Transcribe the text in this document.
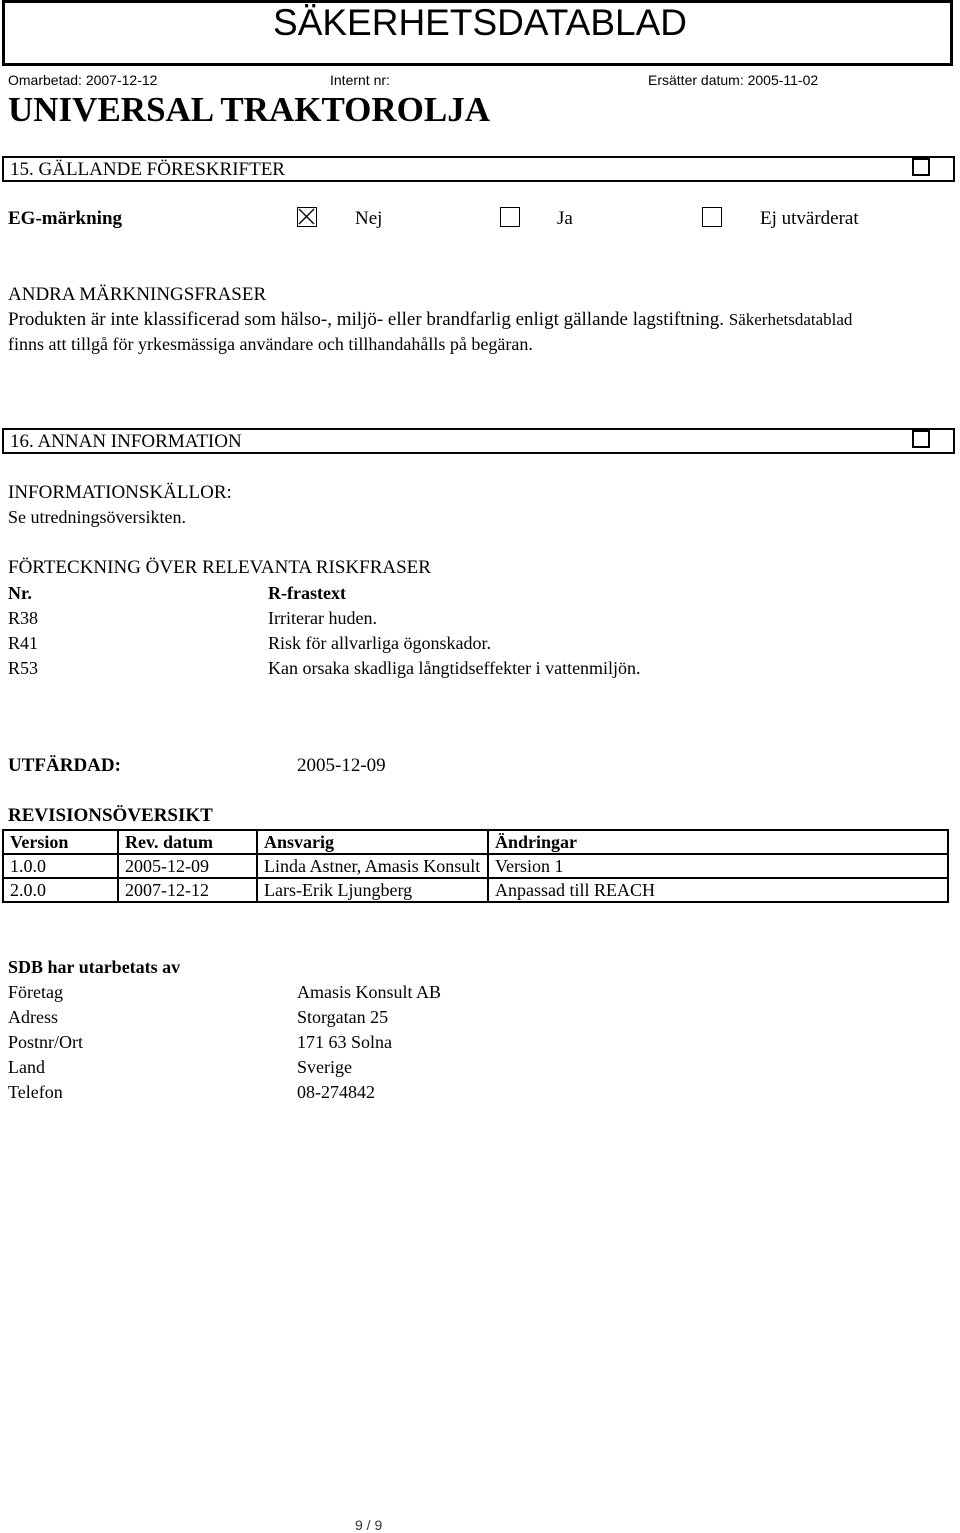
SÄKERHETSDATABLAD
Omarbetad: 2007-12-12	Internt nr:	Ersätter datum: 2005-11-02
UNIVERSAL TRAKTOROLJA
15. GÄLLANDE FÖRESKRIFTER
EG-märkning	Nej	Ja	Ej utvärderat
ANDRA MÄRKNINGSFRASER
Produkten är inte klassificerad som hälso-, miljö- eller brandfarlig enligt gällande lagstiftning. Säkerhetsdatablad
finns att tillgå för yrkesmässiga användare och tillhandahålls på begäran.
16. ANNAN INFORMATION
INFORMATIONSKÄLLOR:
Se utredningsöversikten.
FÖRTECKNING ÖVER RELEVANTA RISKFRASER
Nr.	R-frastext
R38	Irriterar huden.
R41	Risk för allvarliga ögonskador.
R53	Kan orsaka skadliga långtidseffekter i vattenmiljön.
UTFÄRDAD:	2005-12-09
REVISIONSÖVERSIKT
Version	Rev. datum	Ansvarig	Ändringar
1.0.0	2005-12-09	Linda Astner, Amasis Konsult	Version 1
2.0.0	2007-12-12	Lars-Erik Ljungberg	Anpassad till REACH
SDB har utarbetats av
Företag	Amasis Konsult AB
Adress	Storgatan 25
Postnr/Ort	171 63 Solna
Land	Sverige
Telefon	08-274842
9 / 9
